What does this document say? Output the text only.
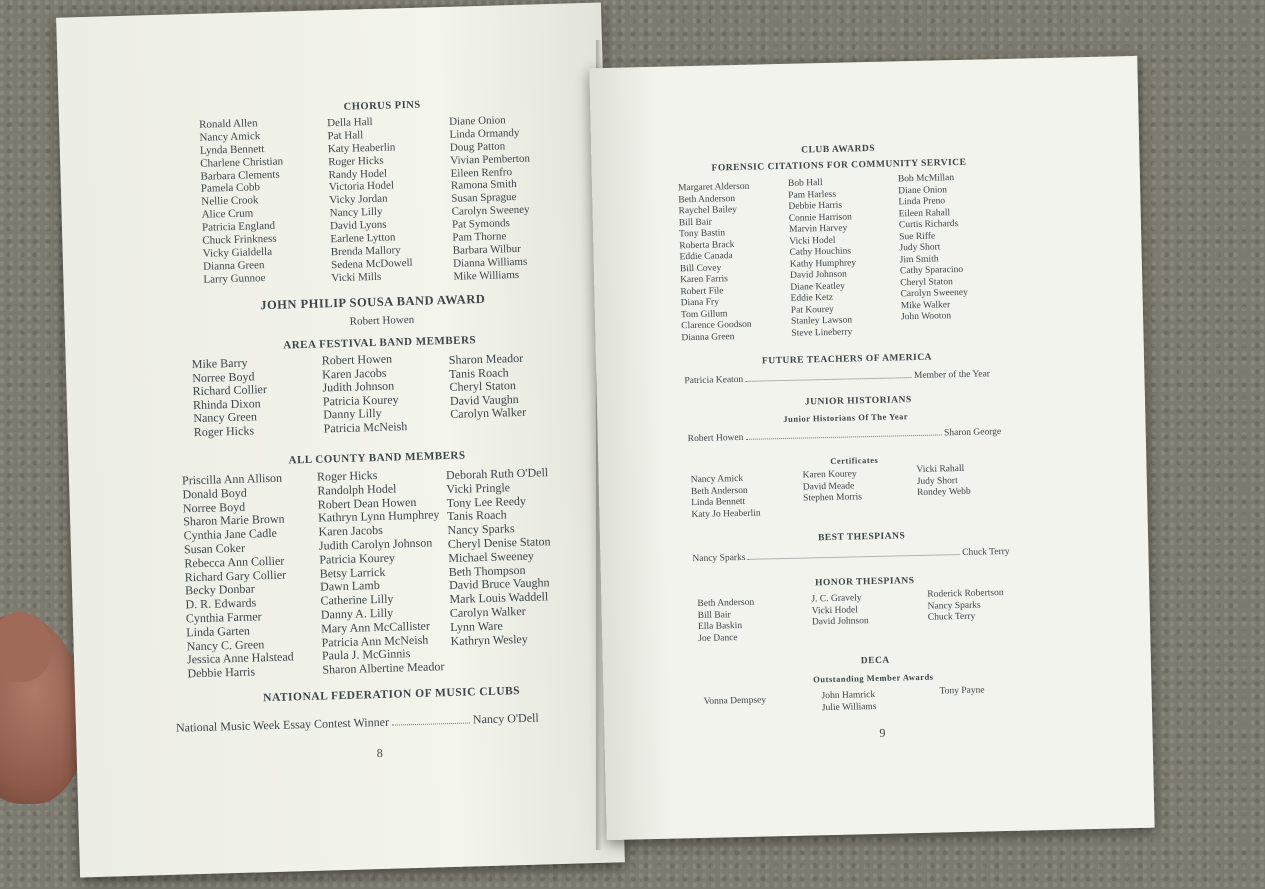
CHORUS PINS
Ronald Allen
Nancy Amick
Lynda Bennett
Charlene Christian
Barbara Clements
Pamela Cobb
Nellie Crook
Alice Crum
Patricia England
Chuck Frinkness
Vicky Gialdella
Dianna Green
Larry Gunnoe
Della Hall
Pat Hall
Katy Heaberlin
Roger Hicks
Randy Hodel
Victoria Hodel
Vicky Jordan
Nancy Lilly
David Lyons
Earlene Lytton
Brenda Mallory
Sedena McDowell
Vicki Mills
Diane Onion
Linda Ormandy
Doug Patton
Vivian Pemberton
Eileen Renfro
Ramona Smith
Susan Sprague
Carolyn Sweeney
Pat Symonds
Pam Thorne
Barbara Wilbur
Dianna Williams
Mike Williams
JOHN PHILIP SOUSA BAND AWARD
Robert Howen
AREA FESTIVAL BAND MEMBERS
Mike Barry
Norree Boyd
Richard Collier
Rhinda Dixon
Nancy Green
Roger Hicks
Robert Howen
Karen Jacobs
Judith Johnson
Patricia Kourey
Danny Lilly
Patricia McNeish
Sharon Meador
Tanis Roach
Cheryl Staton
David Vaughn
Carolyn Walker
ALL COUNTY BAND MEMBERS
Priscilla Ann Allison
Donald Boyd
Norree Boyd
Sharon Marie Brown
Cynthia Jane Cadle
Susan Coker
Rebecca Ann Collier
Richard Gary Collier
Becky Donbar
D. R. Edwards
Cynthia Farmer
Linda Garten
Nancy C. Green
Jessica Anne Halstead
Debbie Harris
Roger Hicks
Randolph Hodel
Robert Dean Howen
Kathryn Lynn Humphrey
Karen Jacobs
Judith Carolyn Johnson
Patricia Kourey
Betsy Larrick
Dawn Lamb
Catherine Lilly
Danny A. Lilly
Mary Ann McCallister
Patricia Ann McNeish
Paula J. McGinnis
Sharon Albertine Meador
Deborah Ruth O'Dell
Vicki Pringle
Tony Lee Reedy
Tanis Roach
Nancy Sparks
Cheryl Denise Staton
Michael Sweeney
Beth Thompson
David Bruce Vaughn
Mark Louis Waddell
Carolyn Walker
Lynn Ware
Kathryn Wesley
NATIONAL FEDERATION OF MUSIC CLUBS
National Music Week Essay Contest Winner	Nancy O'Dell
8
CLUB AWARDS
FORENSIC CITATIONS FOR COMMUNITY SERVICE
Margaret Alderson
Beth Anderson
Raychel Bailey
Bill Bair
Tony Bastin
Roberta Brack
Eddie Canada
Bill Covey
Karen Farris
Robert File
Diana Fry
Tom Gillum
Clarence Goodson
Dianna Green
Bob Hall
Pam Harless
Debbie Harris
Connie Harrison
Marvin Harvey
Vicki Hodel
Cathy Houchins
Kathy Humphrey
David Johnson
Diane Keatley
Eddie Ketz
Pat Kourey
Stanley Lawson
Steve Lineberry
Bob McMillan
Diane Onion
Linda Preno
Eileen Rahall
Curtis Richards
Sue Riffe
Judy Short
Jim Smith
Cathy Sparacino
Cheryl Staton
Carolyn Sweeney
Mike Walker
John Wooton
FUTURE TEACHERS OF AMERICA
Patricia Keaton	Member of the Year
JUNIOR HISTORIANS
Junior Historians Of The Year
Robert Howen  Sharon George
Certificates
Nancy Amick
Beth Anderson
Linda Bennett
Katy Jo Heaberlin
Karen Kourey
David Meade
Stephen Morris
Vicki Rahall
Judy Short
Rondey Webb
BEST THESPIANS
Nancy Sparks  Chuck Terry
HONOR THESPIANS
Beth Anderson
Bill Bair
Ella Baskin
Joe Dance
J. C. Gravely
Vicki Hodel
David Johnson
Roderick Robertson
Nancy Sparks
Chuck Terry
DECA
Outstanding Member Awards
Vonna Dempsey	John Hamrick
Julie Williams
Tony Payne
9
